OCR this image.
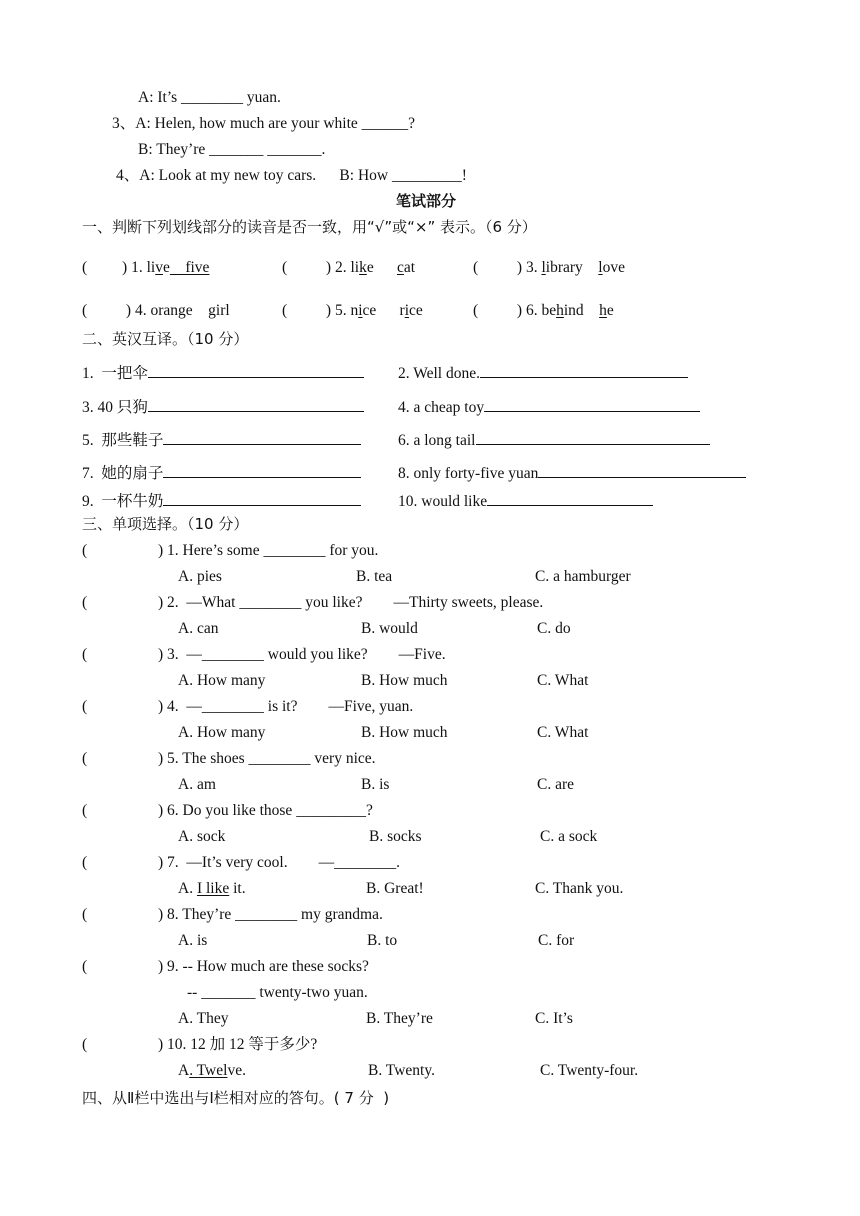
A: It’s ________ yuan.
3、A: Helen, how much are your white ______?
B: They’re _______ _______.
4、A: Look at my new toy cars.      B: How _________!
笔试部分
一、判断下列划线部分的读音是否一致，用“√”或“×” 表示。（6 分）
(         ) 1. live    five	(          ) 2. like cat	(          ) 3. library love
(          ) 4. orange girl	(          ) 5. nice rice	(          ) 6. behind he
二、英汉互译。（10 分）
1.  一把伞	2. Well done.
3. 40 只狗	4. a cheap toy
5.  那些鞋子	6. a long tail
7.  她的扇子	8. only forty-five yuan
9.  一杯牛奶	10. would like
三、单项选择。（10 分）
(	) 1. Here’s some ________ for you.
A. pies	B. tea	C. a hamburger
(	) 2.  —What ________ you like?        —Thirty sweets, please.
A. can	B. would	C. do
(	) 3.  —________ would you like?        —Five.
A. How many	B. How much	C. What
(	) 4.  —________ is it?        —Five, yuan.
A. How many	B. How much	C. What
(	) 5. The shoes ________ very nice.
A. am	B. is	C. are
(	) 6. Do you like those _________?
A. sock	B. socks	C. a sock
(	) 7.  —It’s very cool.        —________.
A. I like it.	B. Great!	C. Thank you.
(	) 8. They’re ________ my grandma.
A. is	B. to	C. for
(	) 9. -- How much are these socks?
-- _______ twenty-two yuan.
A. They	B. They’re	C. It’s
(	) 10. 12 加 12 等于多少?
A. Twelve.	B. Twenty.	C. Twenty-four.
四、从Ⅱ栏中选出与Ⅰ栏相对应的答句。( 7 分  )
